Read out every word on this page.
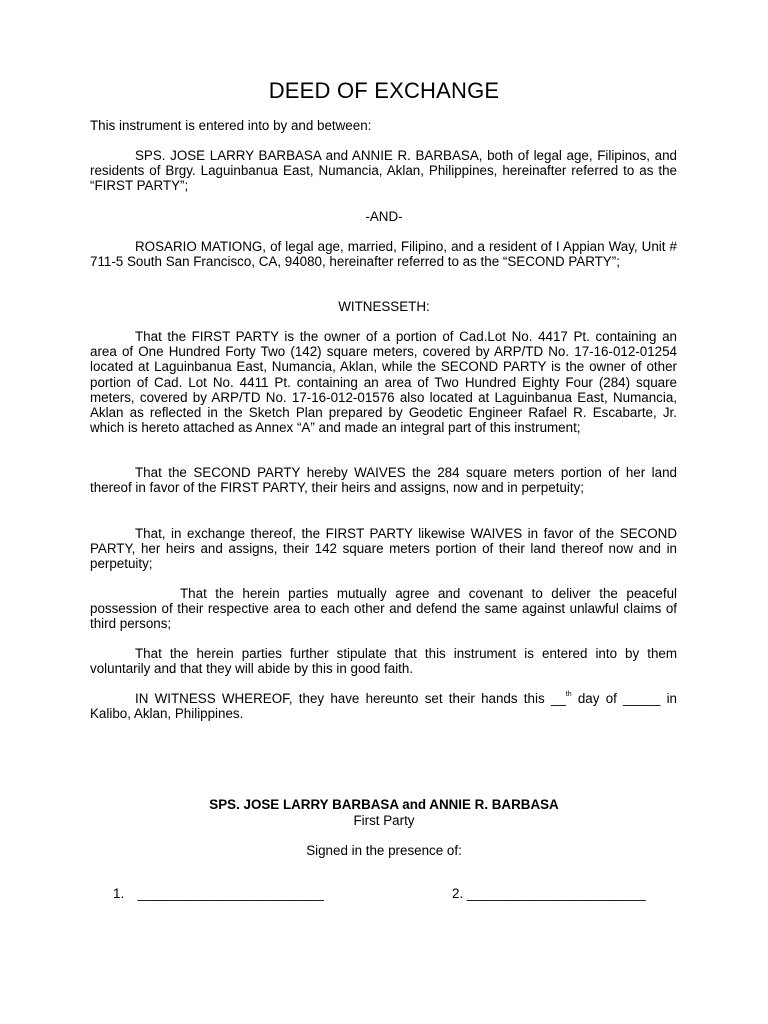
DEED OF EXCHANGE

This instrument is entered into by and between:

SPS. JOSE LARRY BARBASA and ANNIE R. BARBASA, both of legal age, Filipinos, and residents of Brgy. Laguinbanua East, Numancia, Aklan, Philippines, hereinafter referred to as the “FIRST PARTY”;

-AND-

ROSARIO MATIONG, of legal age, married, Filipino, and a resident of I Appian Way, Unit # 711-5 South San Francisco, CA, 94080, hereinafter referred to as the “SECOND PARTY”;

WITNESSETH:

That the FIRST PARTY is the owner of a portion of Cad.Lot No. 4417 Pt. containing an area of One Hundred Forty Two (142) square meters, covered by ARP/TD No. 17-16-012-01254 located at Laguinbanua East, Numancia, Aklan, while the SECOND PARTY is the owner of other portion of Cad. Lot No. 4411 Pt. containing an area of Two Hundred Eighty Four (284) square meters, covered by ARP/TD No. 17-16-012-01576 also located at Laguinbanua East, Numancia, Aklan as reflected in the Sketch Plan prepared by Geodetic Engineer Rafael R. Escabarte, Jr. which is hereto attached as Annex “A” and made an integral part of this instrument;

That the SECOND PARTY hereby WAIVES the 284 square meters portion of her land thereof in favor of the FIRST PARTY, their heirs and assigns, now and in perpetuity;

That, in exchange thereof, the FIRST PARTY likewise WAIVES in favor of the SECOND PARTY, her heirs and assigns, their 142 square meters portion of their land thereof now and in perpetuity;

That the herein parties mutually agree and covenant to deliver the peaceful possession of their respective area to each other and defend the same against unlawful claims of third persons;

That the herein parties further stipulate that this instrument is entered into by them voluntarily and that they will abide by this in good faith.

IN WITNESS WHEREOF, they have hereunto set their hands this __$^{th}$ day of _____ in Kalibo, Aklan, Philippines.

SPS. JOSE LARRY BARBASA and ANNIE R. BARBASA
First Party
Signed in the presence of:
1. _________________________	2. ________________________
